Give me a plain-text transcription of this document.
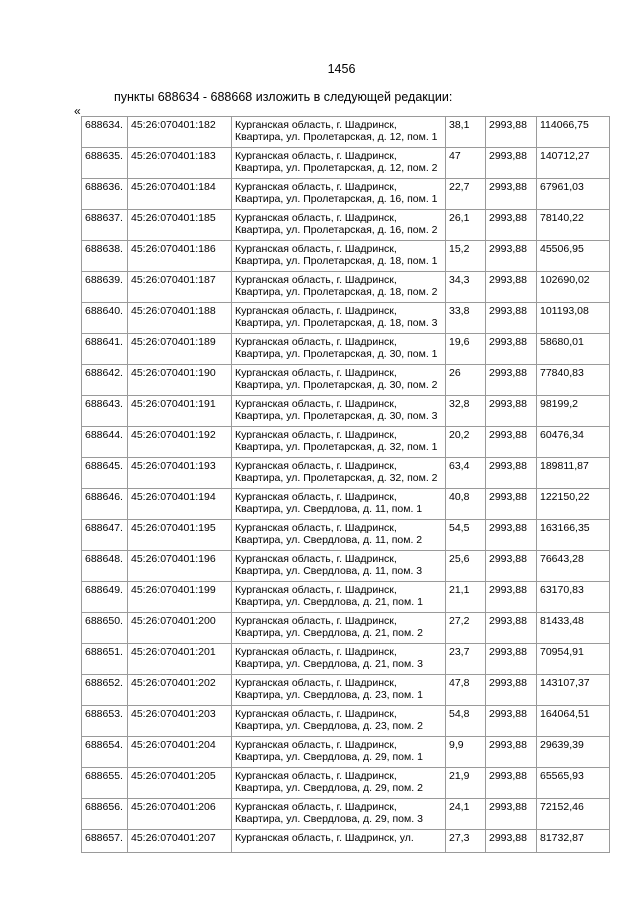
1456
пункты 688634 - 688668 изложить в следующей редакции:
«
688634.	45:26:070401:182	Курганская область, г. Шадринск, Квартира, ул. Пролетарская, д. 12, пом. 1	38,1	2993,88	114066,75
688635.	45:26:070401:183	Курганская область, г. Шадринск, Квартира, ул. Пролетарская, д. 12, пом. 2	47	2993,88	140712,27
688636.	45:26:070401:184	Курганская область, г. Шадринск, Квартира, ул. Пролетарская, д. 16, пом. 1	22,7	2993,88	67961,03
688637.	45:26:070401:185	Курганская область, г. Шадринск, Квартира, ул. Пролетарская, д. 16, пом. 2	26,1	2993,88	78140,22
688638.	45:26:070401:186	Курганская область, г. Шадринск, Квартира, ул. Пролетарская, д. 18, пом. 1	15,2	2993,88	45506,95
688639.	45:26:070401:187	Курганская область, г. Шадринск, Квартира, ул. Пролетарская, д. 18, пом. 2	34,3	2993,88	102690,02
688640.	45:26:070401:188	Курганская область, г. Шадринск, Квартира, ул. Пролетарская, д. 18, пом. 3	33,8	2993,88	101193,08
688641.	45:26:070401:189	Курганская область, г. Шадринск, Квартира, ул. Пролетарская, д. 30, пом. 1	19,6	2993,88	58680,01
688642.	45:26:070401:190	Курганская область, г. Шадринск, Квартира, ул. Пролетарская, д. 30, пом. 2	26	2993,88	77840,83
688643.	45:26:070401:191	Курганская область, г. Шадринск, Квартира, ул. Пролетарская, д. 30, пом. 3	32,8	2993,88	98199,2
688644.	45:26:070401:192	Курганская область, г. Шадринск, Квартира, ул. Пролетарская, д. 32, пом. 1	20,2	2993,88	60476,34
688645.	45:26:070401:193	Курганская область, г. Шадринск, Квартира, ул. Пролетарская, д. 32, пом. 2	63,4	2993,88	189811,87
688646.	45:26:070401:194	Курганская область, г. Шадринск, Квартира, ул. Свердлова, д. 11, пом. 1	40,8	2993,88	122150,22
688647.	45:26:070401:195	Курганская область, г. Шадринск, Квартира, ул. Свердлова, д. 11, пом. 2	54,5	2993,88	163166,35
688648.	45:26:070401:196	Курганская область, г. Шадринск, Квартира, ул. Свердлова, д. 11, пом. 3	25,6	2993,88	76643,28
688649.	45:26:070401:199	Курганская область, г. Шадринск, Квартира, ул. Свердлова, д. 21, пом. 1	21,1	2993,88	63170,83
688650.	45:26:070401:200	Курганская область, г. Шадринск, Квартира, ул. Свердлова, д. 21, пом. 2	27,2	2993,88	81433,48
688651.	45:26:070401:201	Курганская область, г. Шадринск, Квартира, ул. Свердлова, д. 21, пом. 3	23,7	2993,88	70954,91
688652.	45:26:070401:202	Курганская область, г. Шадринск, Квартира, ул. Свердлова, д. 23, пом. 1	47,8	2993,88	143107,37
688653.	45:26:070401:203	Курганская область, г. Шадринск, Квартира, ул. Свердлова, д. 23, пом. 2	54,8	2993,88	164064,51
688654.	45:26:070401:204	Курганская область, г. Шадринск, Квартира, ул. Свердлова, д. 29, пом. 1	9,9	2993,88	29639,39
688655.	45:26:070401:205	Курганская область, г. Шадринск, Квартира, ул. Свердлова, д. 29, пом. 2	21,9	2993,88	65565,93
688656.	45:26:070401:206	Курганская область, г. Шадринск, Квартира, ул. Свердлова, д. 29, пом. 3	24,1	2993,88	72152,46
688657.	45:26:070401:207	Курганская область, г. Шадринск, ул.	27,3	2993,88	81732,87
